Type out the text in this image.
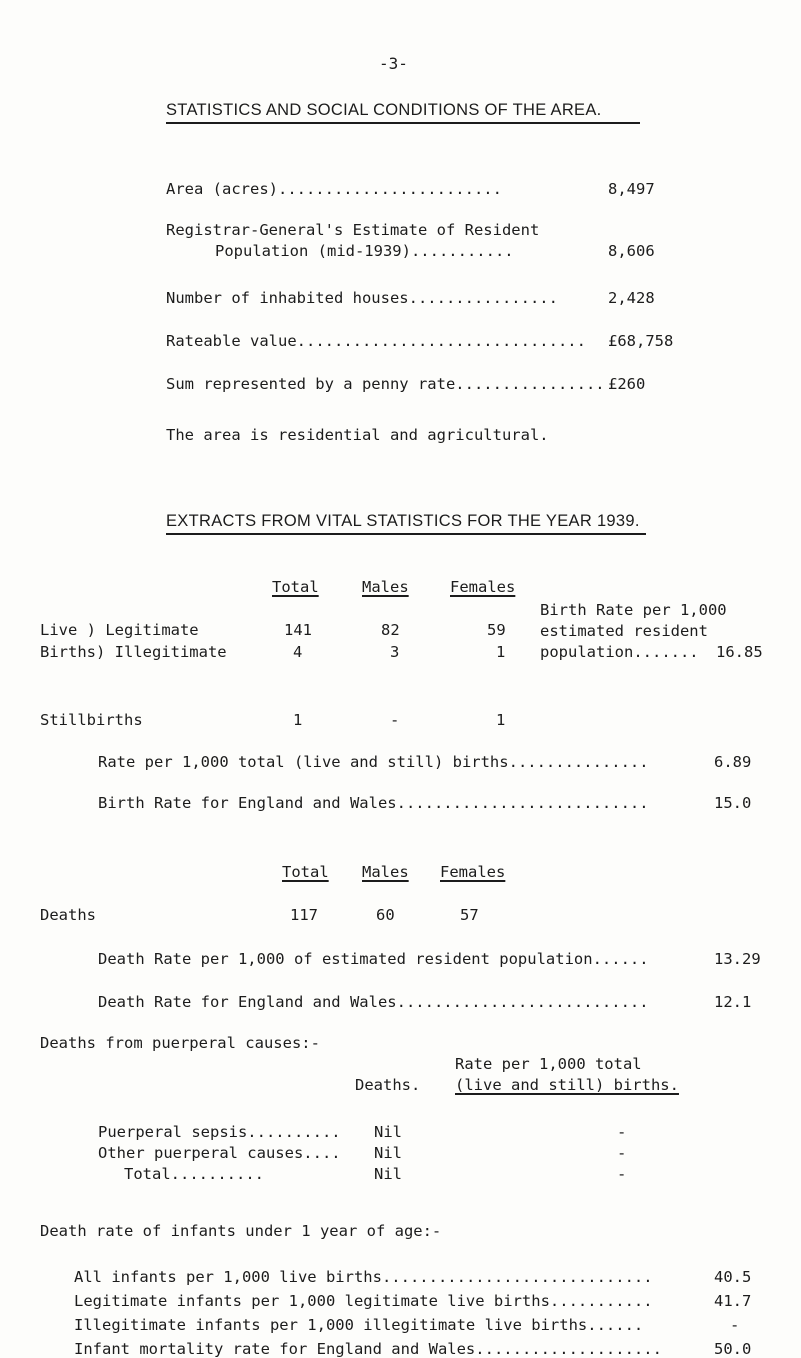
-3-
STATISTICS AND SOCIAL CONDITIONS OF THE AREA.
Area (acres)........................	8,497
Registrar-General's Estimate of Resident
Population (mid-1939)...........	8,606
Number of inhabited houses................	2,428
Rateable value............................... £68,758
Sum represented by a penny rate................ £260
The area is residential and agricultural.
EXTRACTS FROM VITAL STATISTICS FOR THE YEAR 1939.
Total	Males	Females
Live ) Legitimate	141	82	59
Births) Illegitimate	4	3	1
Birth Rate per 1,000
estimated resident
population....... 16.85
Stillbirths	1	-	1
Rate per 1,000 total (live and still) births...............	6.89
Birth Rate for England and Wales...........................	15.0
Total Males Females
Deaths	117	60	57
Death Rate per 1,000 of estimated resident population......	13.29
Death Rate for England and Wales...........................	12.1
Deaths from puerperal causes:-
Rate per 1,000 total
Deaths. (live and still) births.
Puerperal sepsis.......... Nil	-
Other puerperal causes.... Nil	-
Total..........	Nil	-
Death rate of infants under 1 year of age:-
All infants per 1,000 live births.............................	40.5
Legitimate infants per 1,000 legitimate live births...........	41.7
Illegitimate infants per 1,000 illegitimate live births......	-
Infant mortality rate for England and Wales....................	50.0
